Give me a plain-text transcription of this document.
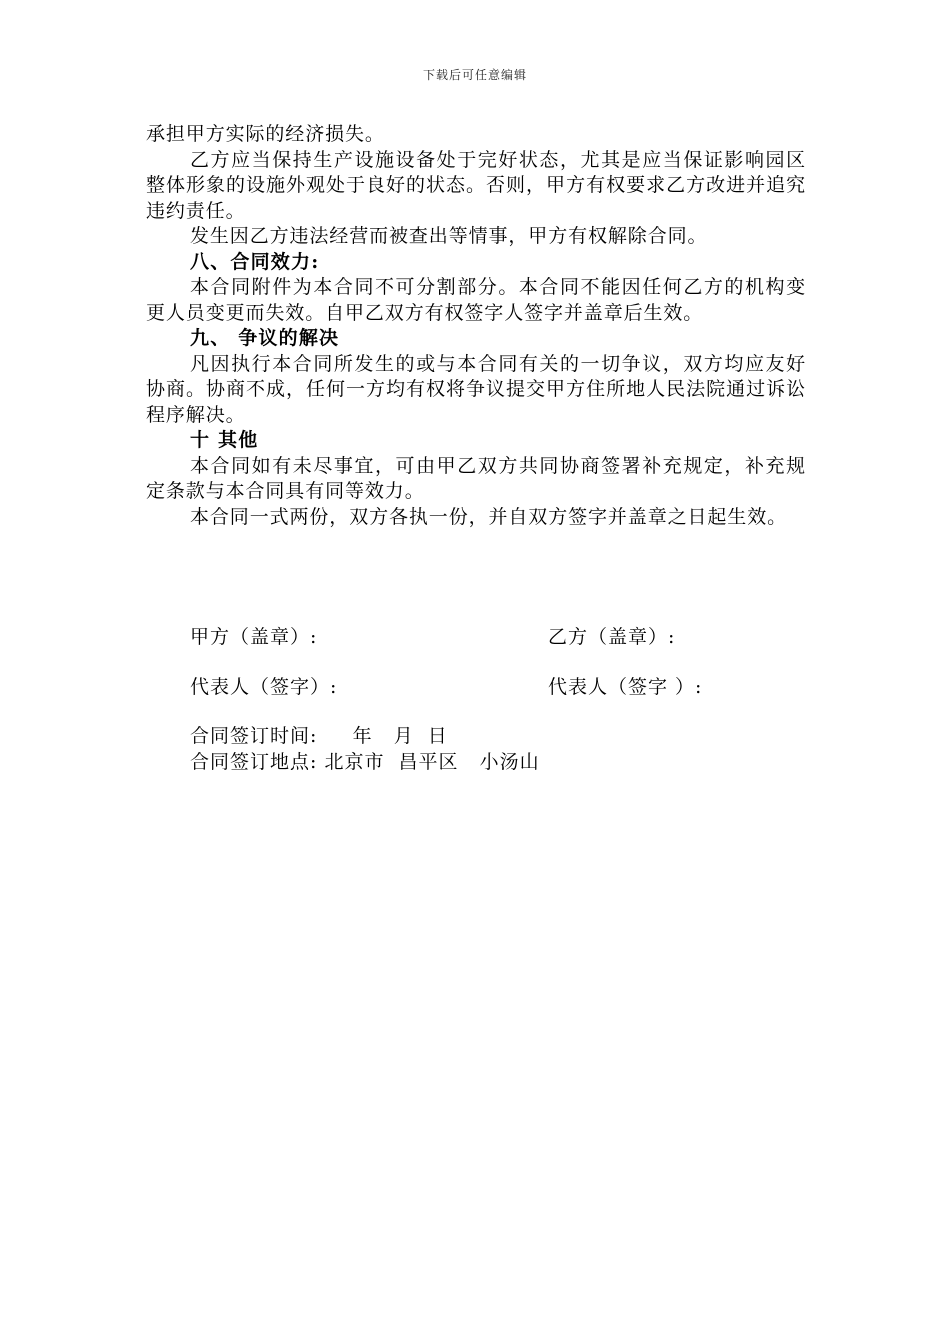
下载后可任意编辑

承担甲方实际的经济损失。

乙方应当保持生产设施设备处于完好状态，尤其是应当保证影响园区整体形象的设施外观处于良好的状态。否则，甲方有权要求乙方改进并追究违约责任。

发生因乙方违法经营而被查出等情事，甲方有权解除合同。

八、合同效力:

本合同附件为本合同不可分割部分。本合同不能因任何乙方的机构变更人员变更而失效。自甲乙双方有权签字人签字并盖章后生效。

九、 争议的解决

凡因执行本合同所发生的或与本合同有关的一切争议，双方均应友好协商。协商不成，任何一方均有权将争议提交甲方住所地人民法院通过诉讼程序解决。

十 其他

本合同如有未尽事宜，可由甲乙双方共同协商签署补充规定，补充规定条款与本合同具有同等效力。

本合同一式两份，双方各执一份，并自双方签字并盖章之日起生效。

甲方（盖章）:	乙方（盖章）:
代表人（签字）:	代表人（签字 ）:
合同签订时间:     年   月  日
合同签订地点: 北京市  昌平区   小汤山
